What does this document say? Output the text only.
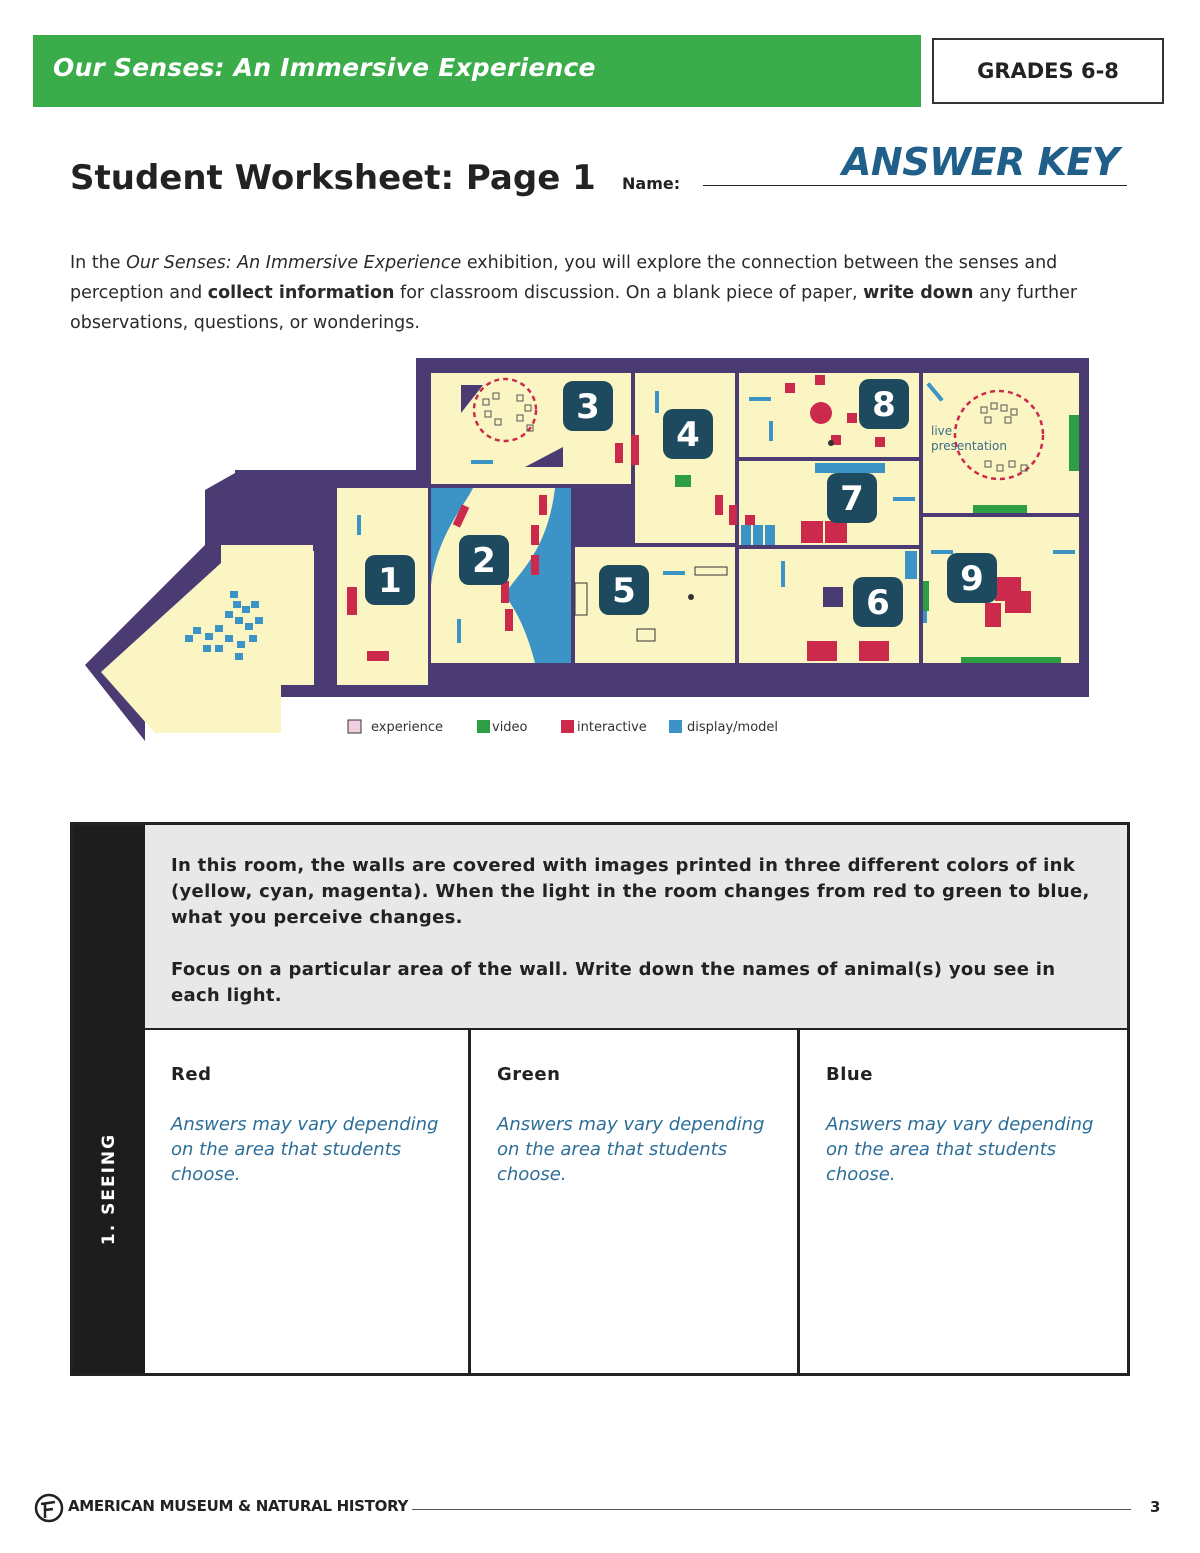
Our Senses: An Immersive Experience	GRADES 6-8
Student Worksheet: Page 1 Name:	ANSWER KEY
In the Our Senses: An Immersive Experience exhibition, you will explore the connection between the senses and perception and collect information for classroom discussion. On a blank piece of paper, write down any further observations, questions, or wonderings.
1 2
3
4
5	6
7
8
9
live
presentation
experience	video	interactive	display/model
1. SEEING

In this room, the walls are covered with images printed in three different colors of ink (yellow, cyan, magenta). When the light in the room changes from red to green to blue, what you perceive changes.

Focus on a particular area of the wall. Write down the names of animal(s) you see in each light.

Red
Answers may vary depending on the area that students choose.
Green
Answers may vary depending on the area that students choose.
Blue
Answers may vary depending on the area that students choose.
AMERICAN MUSEUM & NATURAL HISTORY	3
